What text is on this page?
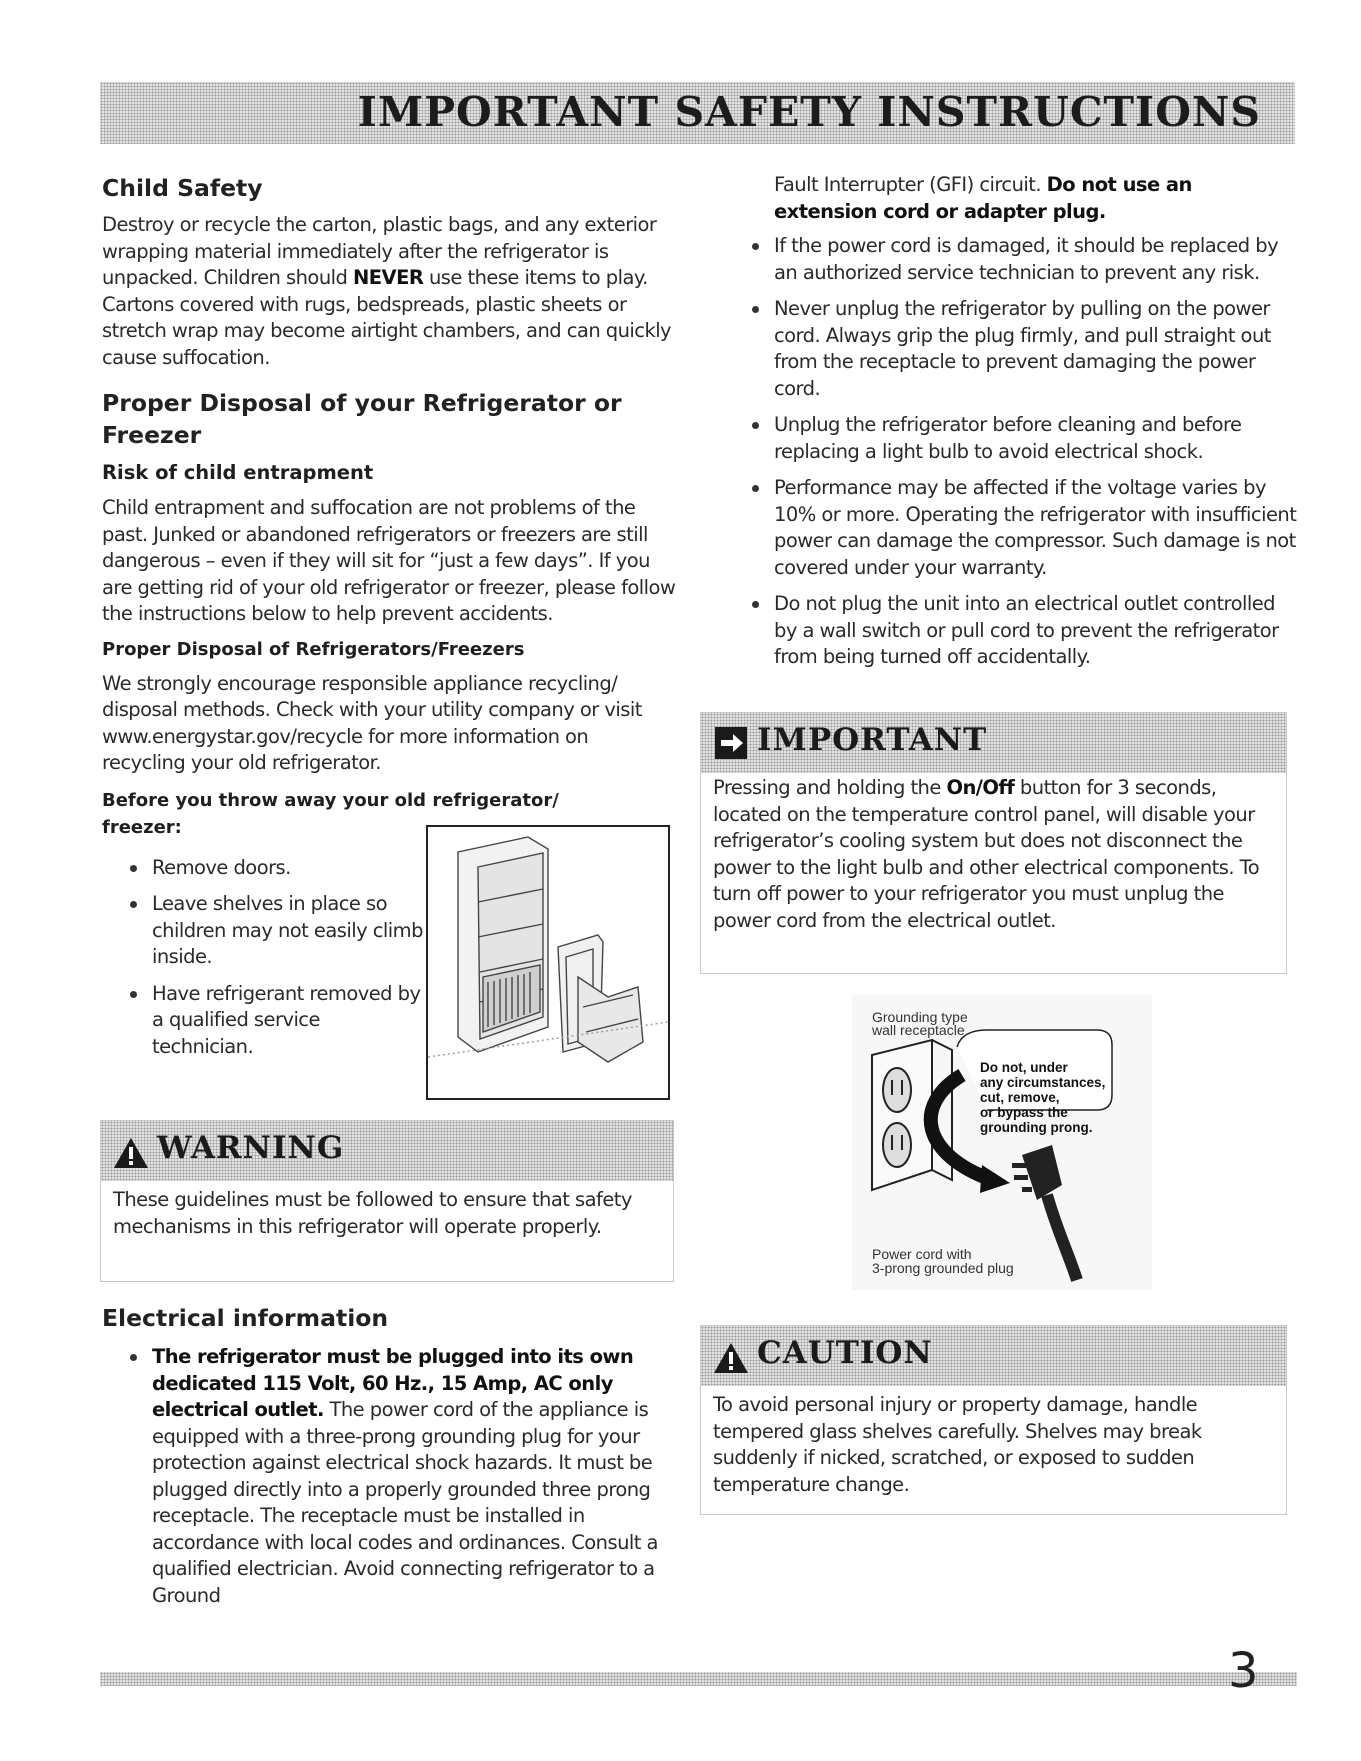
IMPORTANT SAFETY INSTRUCTIONS
Child Safety

Destroy or recycle the carton, plastic bags, and any exterior wrapping material immediately after the refrigerator is unpacked. Children should NEVER use these items to play. Cartons covered with rugs, bedspreads, plastic sheets or stretch wrap may become airtight chambers, and can quickly cause suffocation.

Proper Disposal of your Refrigerator or Freezer
Risk of child entrapment

Child entrapment and suffocation are not problems of the past. Junked or abandoned refrigerators or freezers are still dangerous – even if they will sit for “just a few days”. If you are getting rid of your old refrigerator or freezer, please follow the instructions below to help prevent accidents.

Proper Disposal of Refrigerators/Freezers

We strongly encourage responsible appliance recycling/ disposal methods. Check with your utility company or visit www.energystar.gov/recycle for more information on recycling your old refrigerator.

Before you throw away your old refrigerator/ freezer:
Remove doors.
Leave shelves in place so children may not easily climb inside.
Have refrigerant removed by a qualified service technician.
WARNING

These guidelines must be followed to ensure that safety mechanisms in this refrigerator will operate properly.

Electrical information
The refrigerator must be plugged into its own dedicated 115 Volt, 60 Hz., 15 Amp, AC only electrical outlet. The power cord of the appliance is equipped with a three-prong grounding plug for your protection against electrical shock hazards. It must be plugged directly into a properly grounded three prong receptacle. The receptacle must be installed in accordance with local codes and ordinances. Consult a qualified electrician. Avoid connecting refrigerator to a Ground

Fault Interrupter (GFI) circuit. Do not use an extension cord or adapter plug.

If the power cord is damaged, it should be replaced by an authorized service technician to prevent any risk.
Never unplug the refrigerator by pulling on the power cord. Always grip the plug firmly, and pull straight out from the receptacle to prevent damaging the power cord.
Unplug the refrigerator before cleaning and before replacing a light bulb to avoid electrical shock.
Performance may be affected if the voltage varies by 10% or more. Operating the refrigerator with insufficient power can damage the compressor. Such damage is not covered under your warranty.
Do not plug the unit into an electrical outlet controlled by a wall switch or pull cord to prevent the refrigerator from being turned off accidentally.
IMPORTANT

Pressing and holding the On/Off button for 3 seconds, located on the temperature control panel, will disable your refrigerator’s cooling system but does not disconnect the power to the light bulb and other electrical components. To turn off power to your refrigerator you must unplug the power cord from the electrical outlet.

Grounding type
wall receptacle
Do not, under
any circumstances,
cut, remove,
or bypass the
grounding prong.
Power cord with
3-prong grounded plug
CAUTION

To avoid personal injury or property damage, handle tempered glass shelves carefully. Shelves may break suddenly if nicked, scratched, or exposed to sudden temperature change.

3
